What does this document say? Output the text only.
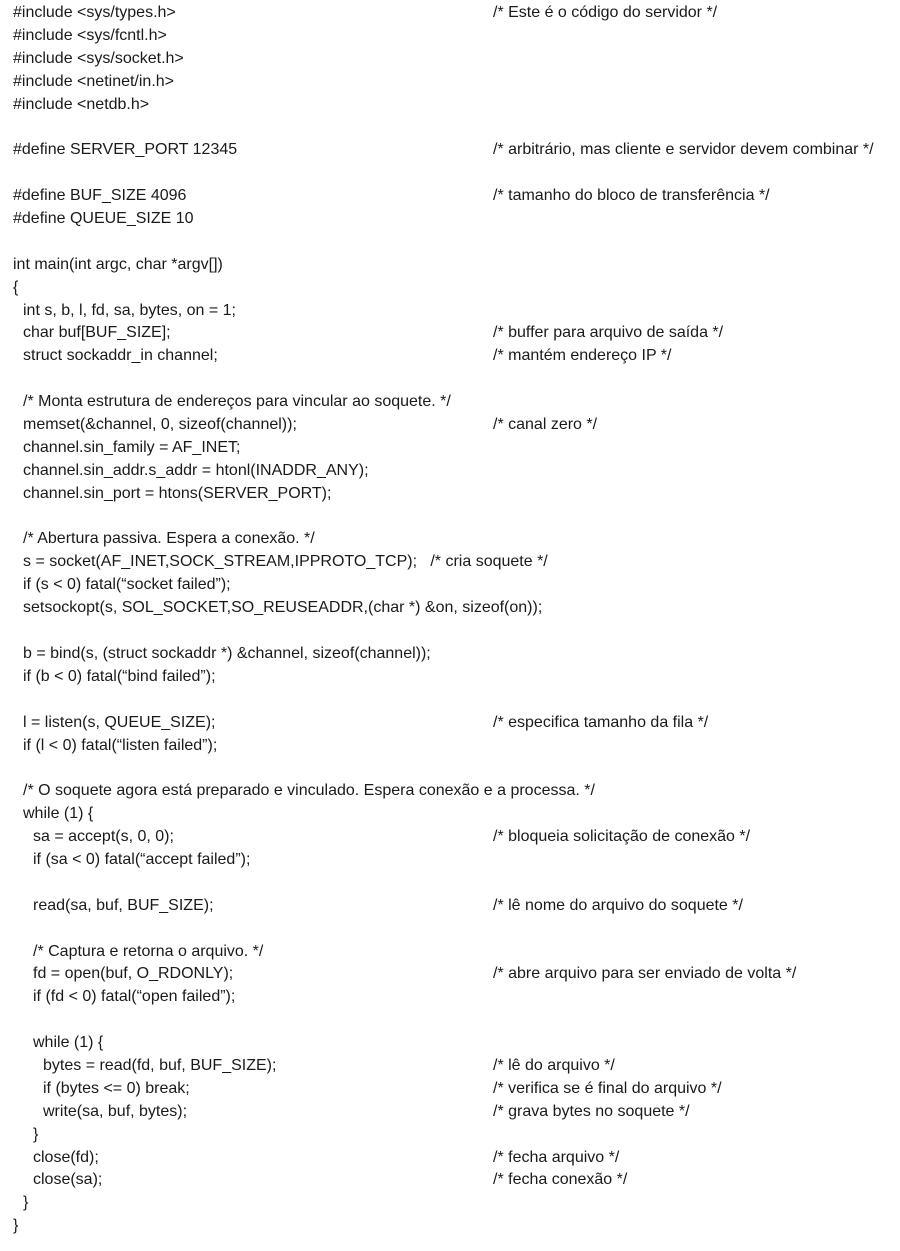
#include <sys/types.h>	/* Este é o código do servidor */
#include <sys/fcntl.h>
#include <sys/socket.h>
#include <netinet/in.h>
#include <netdb.h>
#define SERVER_PORT 12345	/* arbitrário, mas cliente e servidor devem combinar */
#define BUF_SIZE 4096	/* tamanho do bloco de transferência */
#define QUEUE_SIZE 10
int main(int argc, char *argv[])
{
int s, b, l, fd, sa, bytes, on = 1;
char buf[BUF_SIZE];	/* buffer para arquivo de saída */
struct sockaddr_in channel;	/* mantém endereço IP */
/* Monta estrutura de endereços para vincular ao soquete. */
memset(&channel, 0, sizeof(channel));	/* canal zero */
channel.sin_family = AF_INET;
channel.sin_addr.s_addr = htonl(INADDR_ANY);
channel.sin_port = htons(SERVER_PORT);
/* Abertura passiva. Espera a conexão. */
s = socket(AF_INET,SOCK_STREAM,IPPROTO_TCP);   /* cria soquete */
if (s < 0) fatal(“socket failed”);
setsockopt(s, SOL_SOCKET,SO_REUSEADDR,(char *) &on, sizeof(on));
b = bind(s, (struct sockaddr *) &channel, sizeof(channel));
if (b < 0) fatal(“bind failed”);
l = listen(s, QUEUE_SIZE);	/* especifica tamanho da fila */
if (l < 0) fatal(“listen failed”);
/* O soquete agora está preparado e vinculado. Espera conexão e a processa. */
while (1) {
sa = accept(s, 0, 0);	/* bloqueia solicitação de conexão */
if (sa < 0) fatal(“accept failed”);
read(sa, buf, BUF_SIZE);	/* lê nome do arquivo do soquete */
/* Captura e retorna o arquivo. */
fd = open(buf, O_RDONLY);	/* abre arquivo para ser enviado de volta */
if (fd < 0) fatal(“open failed”);
while (1) {
bytes = read(fd, buf, BUF_SIZE);	/* lê do arquivo */
if (bytes <= 0) break;	/* verifica se é final do arquivo */
write(sa, buf, bytes);	/* grava bytes no soquete */
}
close(fd);	/* fecha arquivo */
close(sa);	/* fecha conexão */
}
}
